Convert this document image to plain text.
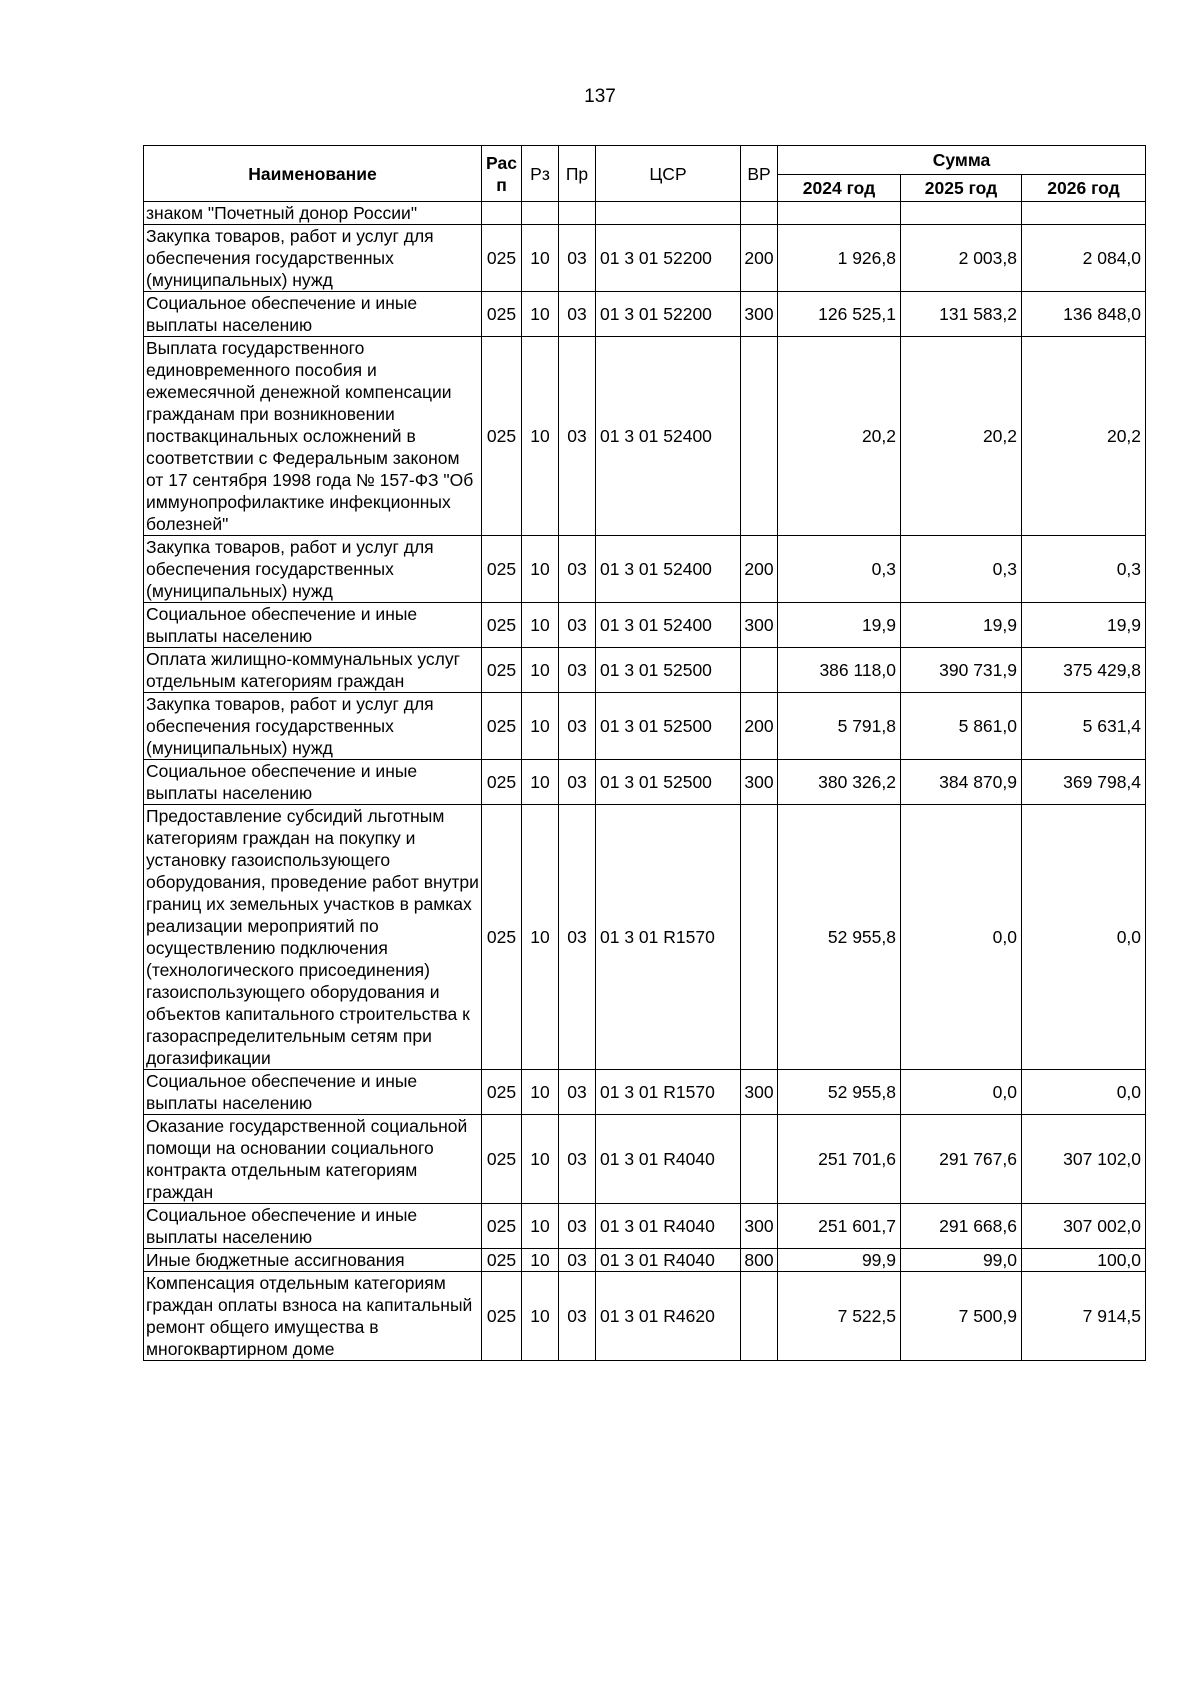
137
Наименование	Рас п	Рз	Пр	ЦСР	ВР	Сумма		
						2024 год	2025 год	2026 год
знаком "Почетный донор России"								
Закупка товаров, работ и услуг для обеспечения государственных (муниципальных) нужд	025	10	03	01 3 01 52200	200	1 926,8	2 003,8	2 084,0
Социальное обеспечение и иные выплаты населению	025	10	03	01 3 01 52200	300	126 525,1	131 583,2	136 848,0
Выплата государственного единовременного пособия и ежемесячной денежной компенсации гражданам при возникновении поствакцинальных осложнений в соответствии с Федеральным законом от 17 сентября 1998 года № 157-ФЗ "Об иммунопрофилактике инфекционных болезней"	025	10	03	01 3 01 52400		20,2	20,2	20,2
Закупка товаров, работ и услуг для обеспечения государственных (муниципальных) нужд	025	10	03	01 3 01 52400	200	0,3	0,3	0,3
Социальное обеспечение и иные выплаты населению	025	10	03	01 3 01 52400	300	19,9	19,9	19,9
Оплата жилищно-коммунальных услуг отдельным категориям граждан	025	10	03	01 3 01 52500		386 118,0	390 731,9	375 429,8
Закупка товаров, работ и услуг для обеспечения государственных (муниципальных) нужд	025	10	03	01 3 01 52500	200	5 791,8	5 861,0	5 631,4
Социальное обеспечение и иные выплаты населению	025	10	03	01 3 01 52500	300	380 326,2	384 870,9	369 798,4
Предоставление субсидий льготным категориям граждан на покупку и установку газоиспользующего оборудования, проведение работ внутри границ их земельных участков в рамках реализации мероприятий по осуществлению подключения (технологического присоединения) газоиспользующего оборудования и объектов капитального строительства к газораспределительным сетям при догазификации	025	10	03	01 3 01 R1570		52 955,8	0,0	0,0
Социальное обеспечение и иные выплаты населению	025	10	03	01 3 01 R1570	300	52 955,8	0,0	0,0
Оказание государственной социальной помощи на основании социального контракта отдельным категориям граждан	025	10	03	01 3 01 R4040		251 701,6	291 767,6	307 102,0
Социальное обеспечение и иные выплаты населению	025	10	03	01 3 01 R4040	300	251 601,7	291 668,6	307 002,0
Иные бюджетные ассигнования	025	10	03	01 3 01 R4040	800	99,9	99,0	100,0
Компенсация отдельным категориям граждан оплаты взноса на капитальный ремонт общего имущества в многоквартирном доме	025	10	03	01 3 01 R4620		7 522,5	7 500,9	7 914,5
